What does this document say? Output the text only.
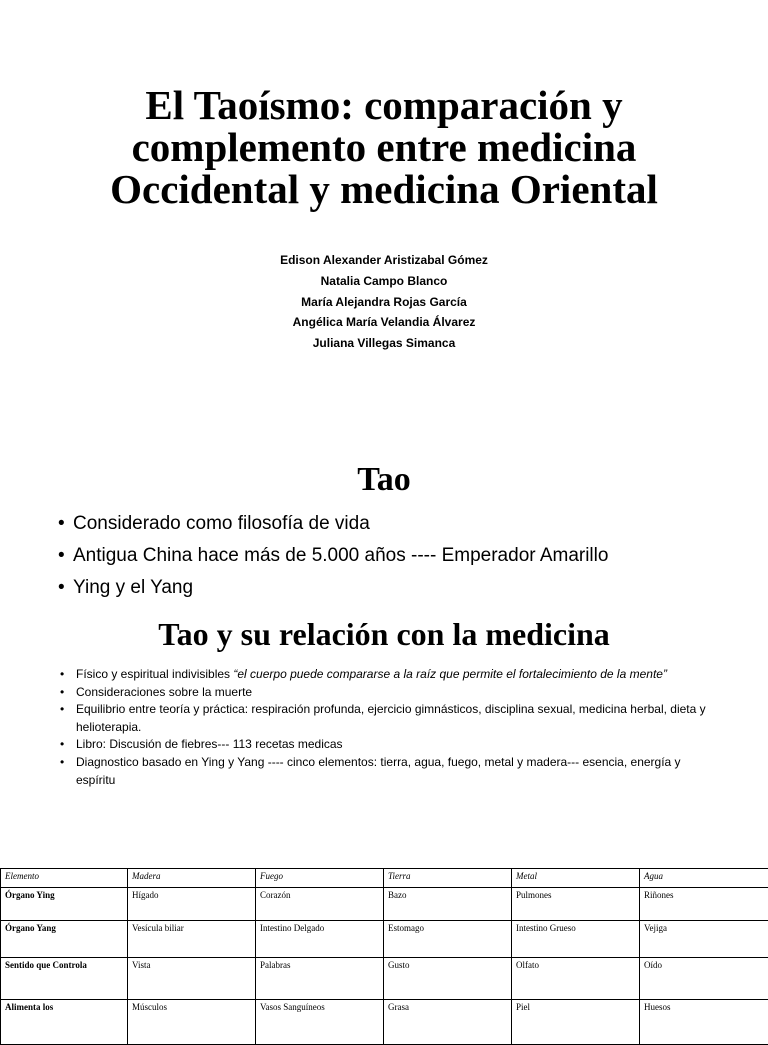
El Taoísmo: comparación y complemento entre medicina Occidental y medicina Oriental
Edison Alexander Aristizabal Gómez
Natalia Campo Blanco
María Alejandra Rojas García
Angélica María Velandia Álvarez
Juliana Villegas Simanca
Tao
• Considerado como filosofía de vida
• Antigua China hace más de 5.000 años ---- Emperador Amarillo
• Ying y el Yang
Tao y su relación con la medicina
• Físico y espiritual indivisibles “el cuerpo puede compararse a la raíz que permite el fortalecimiento de la mente”
• Consideraciones sobre la muerte
• Equilibrio entre teoría y práctica: respiración profunda, ejercicio gimnásticos, disciplina sexual, medicina herbal, dieta y helioterapia.
• Libro: Discusión de fiebres--- 113 recetas medicas
• Diagnostico basado en Ying y Yang ---- cinco elementos: tierra, agua, fuego, metal y madera--- esencia, energía y espíritu
Elemento	Madera	Fuego	Tierra	Metal	Agua
Órgano Ying	Hígado	Corazón	Bazo	Pulmones	Riñones
Órgano Yang	Vesícula biliar	Intestino Delgado	Estomago	Intestino Grueso	Vejiga
Sentido que Controla	Vista	Palabras	Gusto	Olfato	Oído
Alimenta los	Músculos	Vasos Sanguíneos	Grasa	Piel	Huesos
